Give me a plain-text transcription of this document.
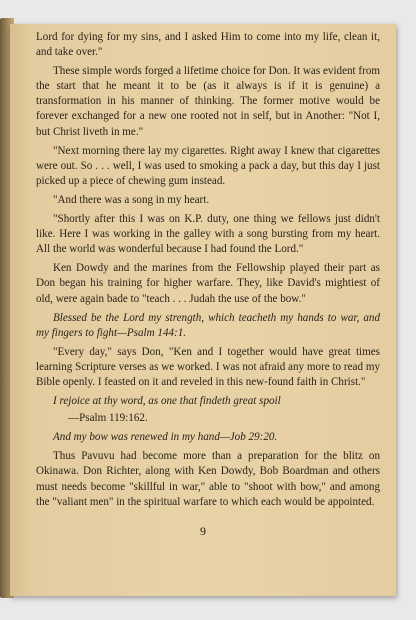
Lord for dying for my sins, and I asked Him to come into my life, clean it, and take over."

These simple words forged a lifetime choice for Don. It was evident from the start that he meant it to be (as it always is if it is genuine) a transformation in his manner of thinking. The former motive would be forever exchanged for a new one rooted not in self, but in Another: "Not I, but Christ liveth in me."

"Next morning there lay my cigarettes. Right away I knew that cigarettes were out. So . . . well, I was used to smoking a pack a day, but this day I just picked up a piece of chewing gum instead.

"And there was a song in my heart.

"Shortly after this I was on K.P. duty, one thing we fellows just didn't like. Here I was working in the galley with a song bursting from my heart. All the world was wonderful because I had found the Lord."

Ken Dowdy and the marines from the Fellowship played their part as Don began his training for higher warfare. They, like David's mightiest of old, were again bade to "teach . . . Judah the use of the bow."

Blessed be the Lord my strength, which teacheth my hands to war, and my fingers to fight—Psalm 144:1.

"Every day," says Don, "Ken and I together would have great times learning Scripture verses as we worked. I was not afraid any more to read my Bible openly. I feasted on it and reveled in this new-found faith in Christ."

I rejoice at thy word, as one that findeth great spoil

—Psalm 119:162.

And my bow was renewed in my hand—Job 29:20.

Thus Pavuvu had become more than a preparation for the blitz on Okinawa. Don Richter, along with Ken Dowdy, Bob Boardman and others must needs become "skillful in war," able to "shoot with bow," and among the "valiant men" in the spiritual warfare to which each would be appointed.

9
